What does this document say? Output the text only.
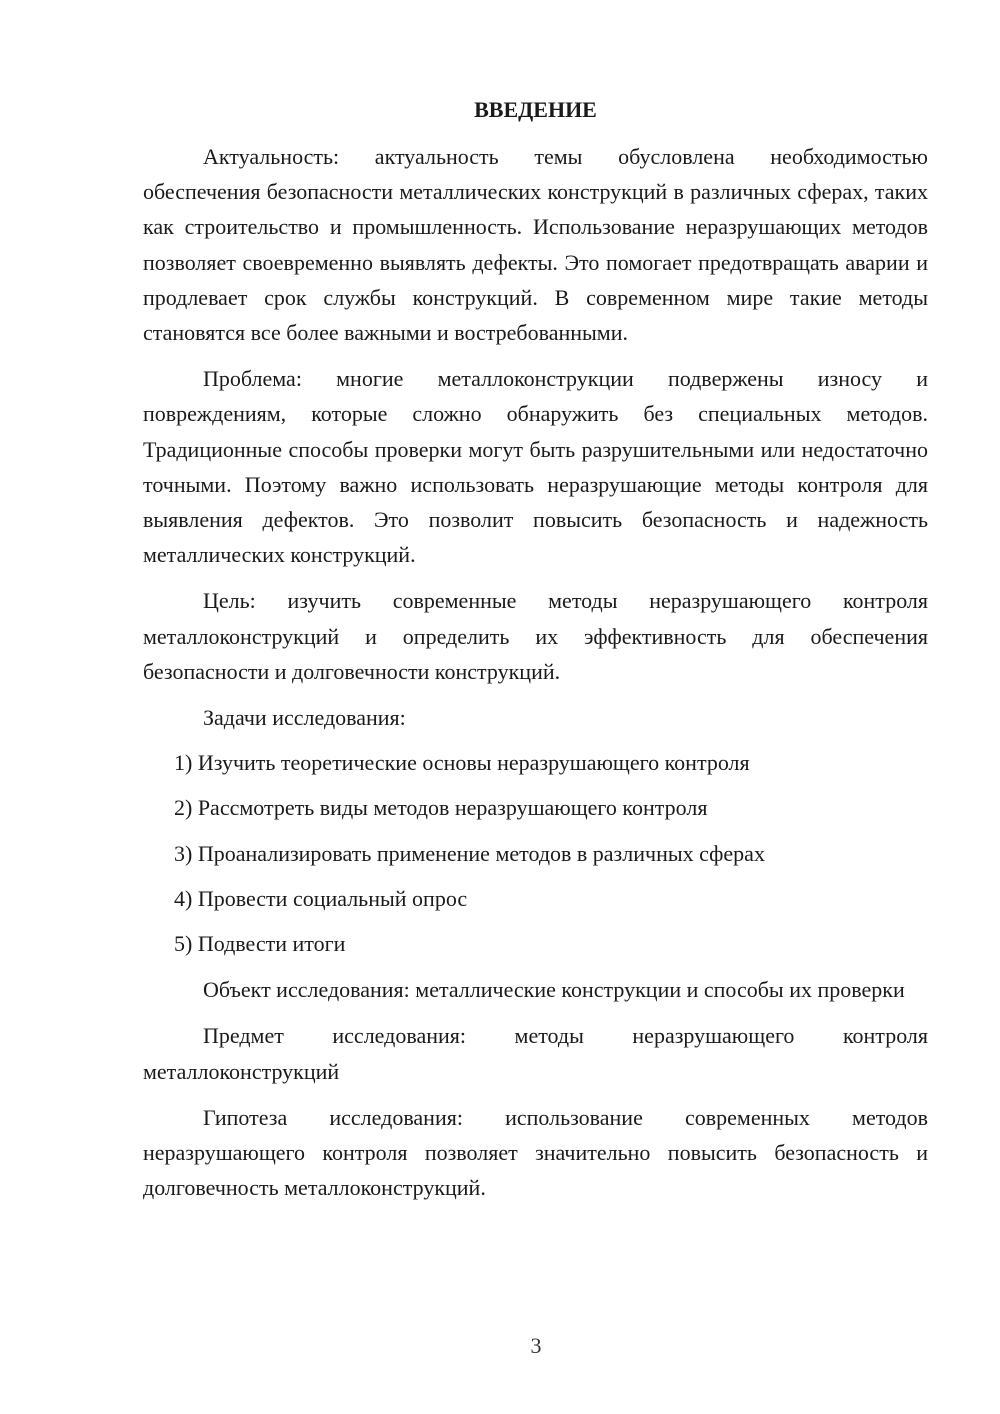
ВВЕДЕНИЕ

Актуальность: актуальность темы обусловлена необходимостью обеспечения безопасности металлических конструкций в различных сферах, таких как строительство и промышленность. Использование неразрушающих методов позволяет своевременно выявлять дефекты. Это помогает предотвращать аварии и продлевает срок службы конструкций. В современном мире такие методы становятся все более важными и востребованными.

Проблема: многие металлоконструкции подвержены износу и повреждениям, которые сложно обнаружить без специальных методов. Традиционные способы проверки могут быть разрушительными или недостаточно точными. Поэтому важно использовать неразрушающие методы контроля для выявления дефектов. Это позволит повысить безопасность и надежность металлических конструкций.

Цель: изучить современные методы неразрушающего контроля металлоконструкций и определить их эффективность для обеспечения безопасности и долговечности конструкций.

Задачи исследования:
1) Изучить теоретические основы неразрушающего контроля
2) Рассмотреть виды методов неразрушающего контроля
3) Проанализировать применение методов в различных сферах
4) Провести социальный опрос
5) Подвести итоги

Объект исследования: металлические конструкции и способы их проверки

Предмет исследования: методы неразрушающего контроля металлоконструкций

Гипотеза исследования: использование современных методов неразрушающего контроля позволяет значительно повысить безопасность и долговечность металлоконструкций.

3
